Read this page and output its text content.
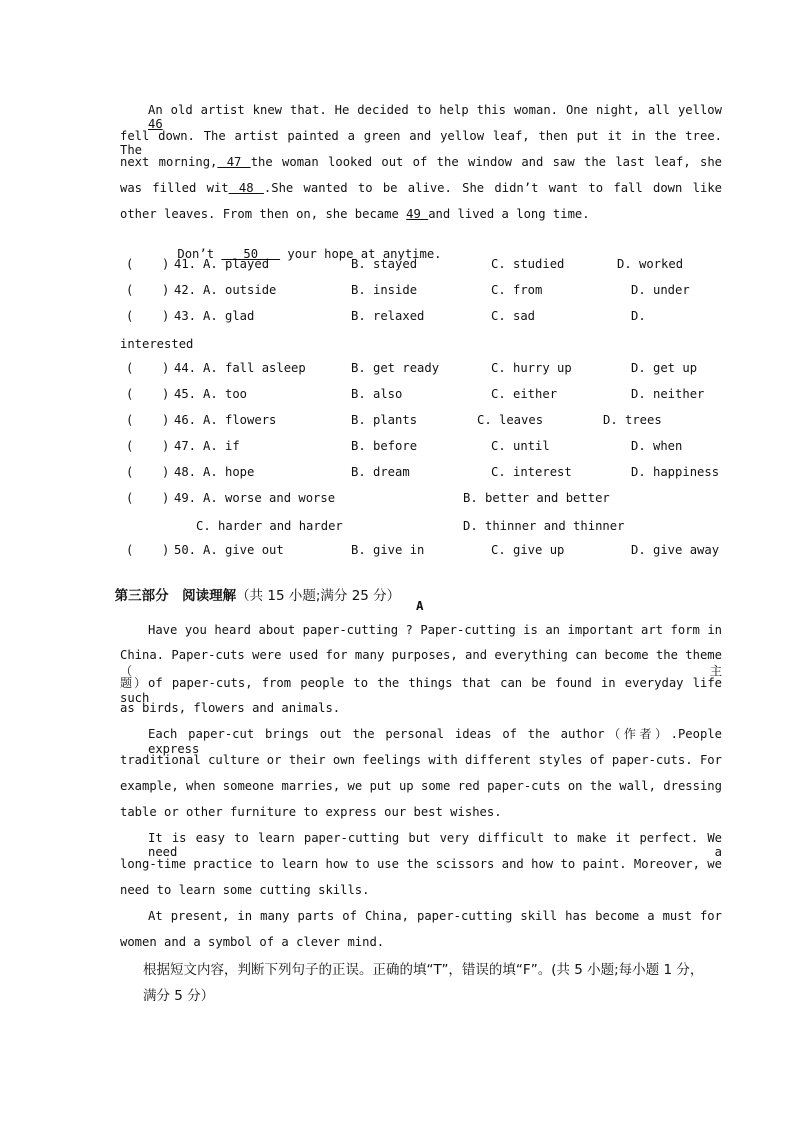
An old artist knew that. He decided to help this woman. One night, all yellow 46
fell down. The artist painted a green and yellow leaf, then put it in the tree. The
next morning, 47 the woman looked out of the window and saw the last leaf, she
was filled wit 48 .She wanted to be alive. She didn’t want to fall down like
other leaves. From then on, she became 49 and lived a long time.

Don’t    50    your hope at anytime.

( ) 41. A. played	B. stayed	C. studied	D. worked
( ) 42. A. outside	B. inside	C. from	D. under
( ) 43. A. glad	B. relaxed	C. sad	D.
interested
( ) 44. A. fall asleep	B. get ready	C. hurry up	D. get up
( ) 45. A. too	B. also	C. either	D. neither
( ) 46. A. flowers	B. plants	C. leaves	D. trees
( ) 47. A. if	B. before	C. until	D. when
( ) 48. A. hope	B. dream	C. interest	D. happiness
( ) 49. A. worse and worse	B. better and better
C. harder and harder	D. thinner and thinner
( ) 50. A. give out	B. give in	C. give up	D. give away

第三部分　阅读理解（共 15 小题;满分 25 分）

A
Have you heard about paper-cutting ? Paper-cutting is an important art form in
China. Paper-cuts were used for many purposes, and everything can become the theme（主
题）of paper-cuts, from people to the things that can be found in everyday life such
as birds, flowers and animals.
Each paper-cut brings out the personal ideas of the author（作者）.People express
traditional culture or their own feelings with different styles of paper-cuts. For
example, when someone marries, we put up some red paper-cuts on the wall, dressing
table or other furniture to express our best wishes.
It is easy to learn paper-cutting but very difficult to make it perfect. We need a
long-time practice to learn how to use the scissors and how to paint. Moreover, we
need to learn some cutting skills.
At present, in many parts of China, paper-cutting skill has become a must for
women and a symbol of a clever mind.
根据短文内容，判断下列句子的正误。正确的填“T”，错误的填“F”。(共 5 小题;每小题 1 分，
满分 5 分）
